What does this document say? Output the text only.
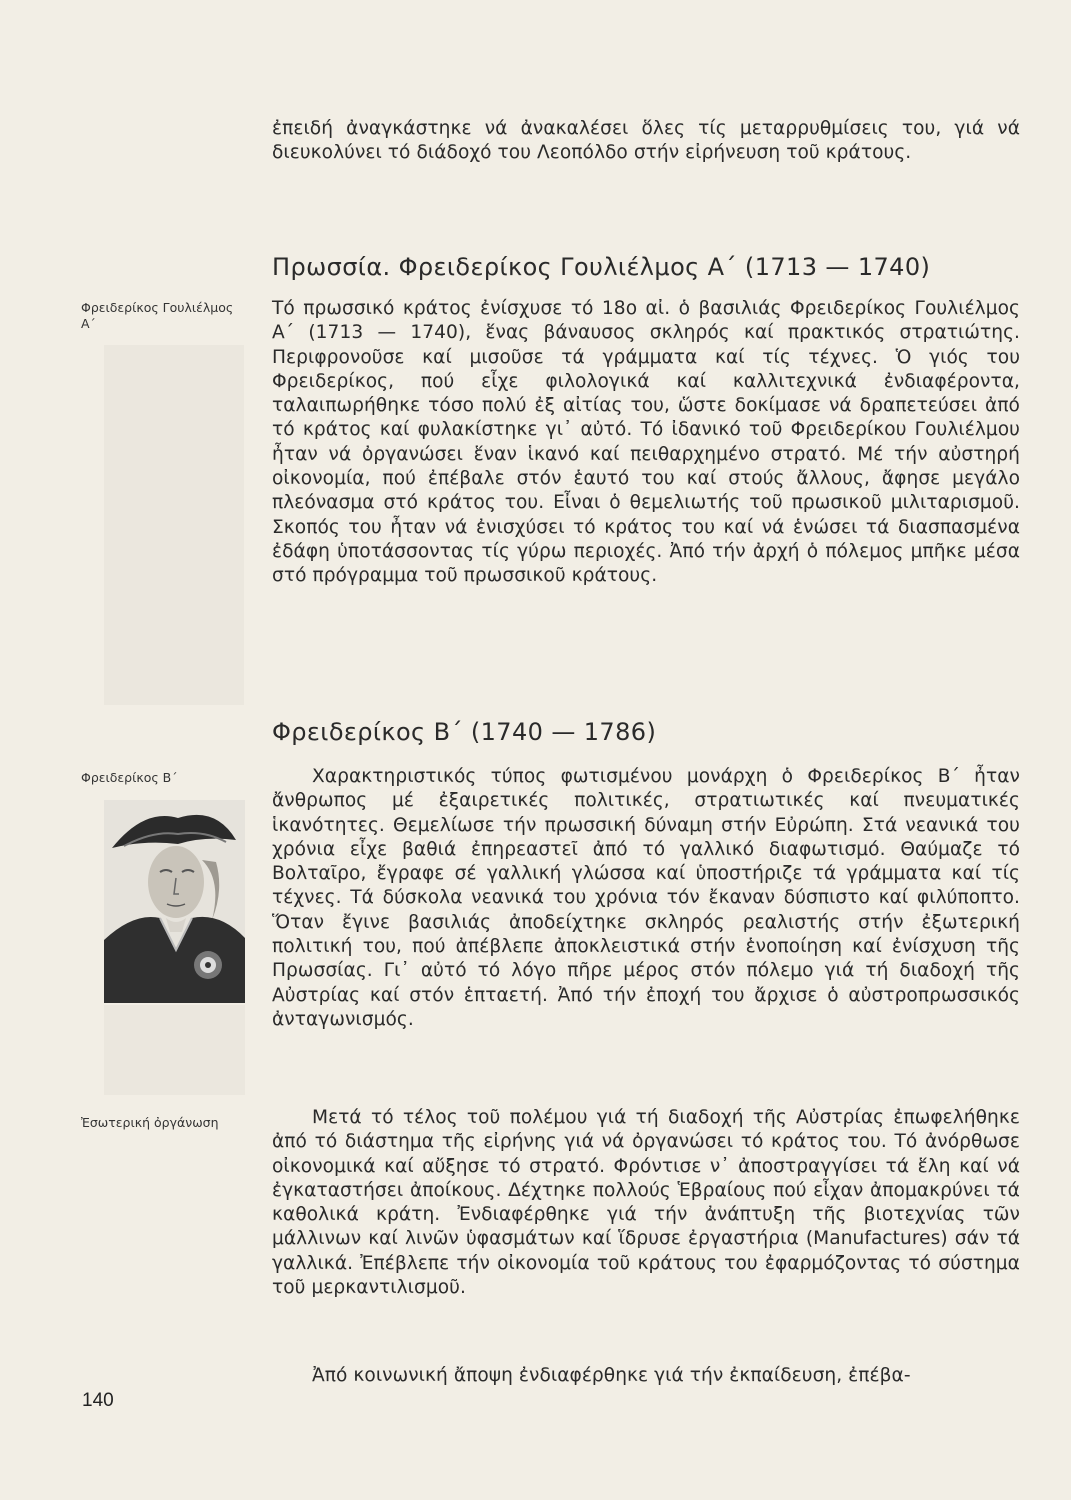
ἐπειδή ἀναγκάστηκε νά ἀνακαλέσει ὅλες τίς μεταρρυθμίσεις του, γιά νά διευκολύνει τό διάδοχό του Λεοπόλδο στήν εἰρήνευση τοῦ κράτους.

Πρωσσία. Φρειδερίκος Γουλιέλμος Α΄ (1713 — 1740)
Φρειδερίκος Γουλιέλμος Α΄

Τό πρωσσικό κράτος ἐνίσχυσε τό 18ο αἰ. ὁ βασιλιάς Φρειδερίκος Γουλιέλμος Α΄ (1713 — 1740), ἕνας βάναυσος σκληρός καί πρακτικός στρατιώτης. Περιφρονοῦσε καί μισοῦσε τά γράμματα καί τίς τέχνες. Ὁ γιός του Φρειδερίκος, πού εἶχε φιλολογικά καί καλλιτεχνικά ἐνδιαφέροντα, ταλαιπωρήθηκε τόσο πολύ ἐξ αἰτίας του, ὥστε δοκίμασε νά δραπετεύσει ἀπό τό κράτος καί φυλακίστηκε γι᾿ αὐτό. Τό ἰδανικό τοῦ Φρειδερίκου Γουλιέλμου ἦταν νά ὀργανώσει ἕναν ἱκανό καί πειθαρχημένο στρατό. Μέ τήν αὐστηρή οἰκονομία, πού ἐπέβαλε στόν ἑαυτό του καί στούς ἄλλους, ἄφησε μεγάλο πλεόνασμα στό κράτος του. Εἶναι ὁ θεμελιωτής τοῦ πρωσικοῦ μιλιταρισμοῦ. Σκοπός του ἦταν νά ἐνισχύσει τό κράτος του καί νά ἑνώσει τά διασπασμένα ἐδάφη ὑποτάσσοντας τίς γύρω περιοχές. Ἀπό τήν ἀρχή ὁ πόλεμος μπῆκε μέσα στό πρόγραμμα τοῦ πρωσσικοῦ κράτους.

Φρειδερίκος Β΄ (1740 — 1786)
Φρειδερίκος Β΄
Ἐσωτερική ὀργάνωση

Χαρακτηριστικός τύπος φωτισμένου μονάρχη ὁ Φρειδερίκος Β΄ ἦταν ἄνθρωπος μέ ἐξαιρετικές πολιτικές, στρατιωτικές καί πνευματικές ἱκανότητες. Θεμελίωσε τήν πρωσσική δύναμη στήν Εὐρώπη. Στά νεανικά του χρόνια εἶχε βαθιά ἐπηρεαστεῖ ἀπό τό γαλλικό διαφωτισμό. Θαύμαζε τό Βολταῖρο, ἔγραφε σέ γαλλική γλώσσα καί ὑποστήριζε τά γράμματα καί τίς τέχνες. Τά δύσκολα νεανικά του χρόνια τόν ἔκαναν δύσπιστο καί φιλύποπτο. Ὅταν ἔγινε βασιλιάς ἀποδείχτηκε σκληρός ρεαλιστής στήν ἐξωτερική πολιτική του, πού ἀπέβλεπε ἀποκλειστικά στήν ἑνοποίηση καί ἐνίσχυση τῆς Πρωσσίας. Γι᾿ αὐτό τό λόγο πῆρε μέρος στόν πόλεμο γιά τή διαδοχή τῆς Αὐστρίας καί στόν ἑπταετή. Ἀπό τήν ἐποχή του ἄρχισε ὁ αὐστροπρωσσικός ἀνταγωνισμός.

Μετά τό τέλος τοῦ πολέμου γιά τή διαδοχή τῆς Αὐστρίας ἐπωφελήθηκε ἀπό τό διάστημα τῆς εἰρήνης γιά νά ὀργανώσει τό κράτος του. Τό ἀνόρθωσε οἰκονομικά καί αὔξησε τό στρατό. Φρόντισε ν᾿ ἀποστραγγίσει τά ἕλη καί νά ἐγκαταστήσει ἀποίκους. Δέχτηκε πολλούς Ἑβραίους πού εἶχαν ἀπομακρύνει τά καθολικά κράτη. Ἐνδιαφέρθηκε γιά τήν ἀνάπτυξη τῆς βιοτεχνίας τῶν μάλλινων καί λινῶν ὑφασμάτων καί ἵδρυσε ἐργαστήρια (Manufactures) σάν τά γαλλικά. Ἐπέβλεπε τήν οἰκονομία τοῦ κράτους του ἐφαρμόζοντας τό σύστημα τοῦ μερκαντιλισμοῦ.

Ἀπό κοινωνική ἄποψη ἐνδιαφέρθηκε γιά τήν ἐκπαίδευση, ἐπέβα-

140
